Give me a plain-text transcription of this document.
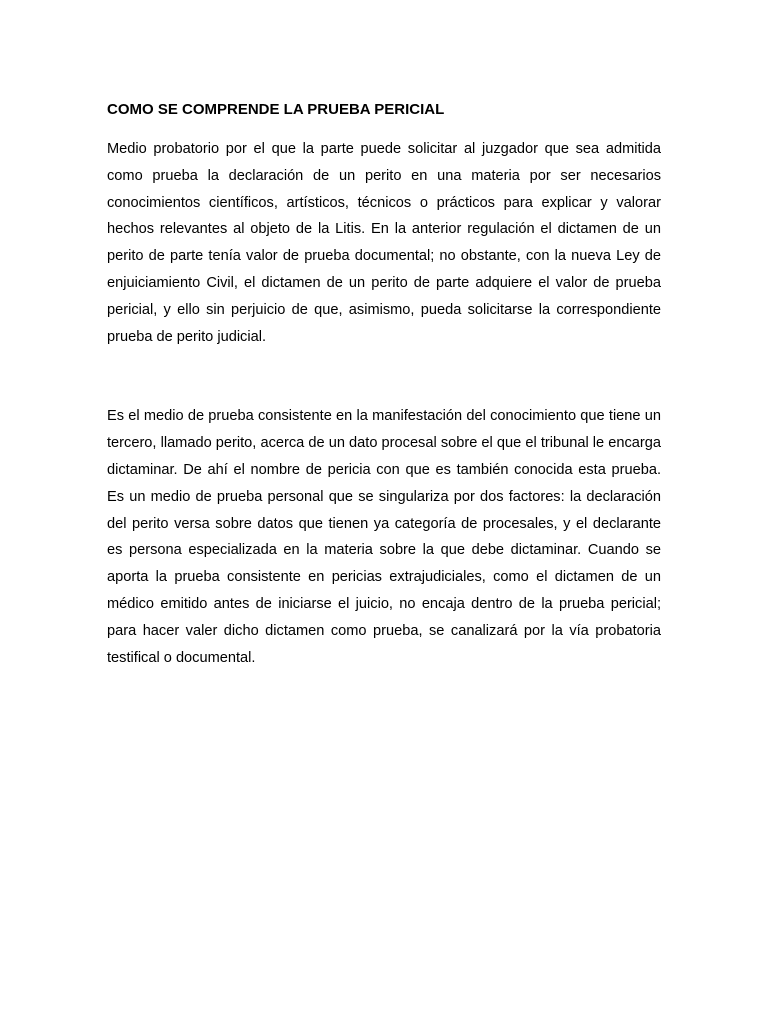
COMO SE COMPRENDE LA PRUEBA PERICIAL

Medio probatorio por el que la parte puede solicitar al juzgador que sea admitida como prueba la declaración de un perito en una materia por ser necesarios conocimientos científicos, artísticos, técnicos o prácticos para explicar y valorar hechos relevantes al objeto de la Litis. En la anterior regulación el dictamen de un perito de parte tenía valor de prueba documental; no obstante, con la nueva Ley de enjuiciamiento Civil, el dictamen de un perito de parte adquiere el valor de prueba pericial, y ello sin perjuicio de que, asimismo, pueda solicitarse la correspondiente prueba de perito judicial.

Es el medio de prueba consistente en la manifestación del conocimiento que tiene un tercero, llamado perito, acerca de un dato procesal sobre el que el tribunal le encarga dictaminar. De ahí el nombre de pericia con que es también conocida esta prueba. Es un medio de prueba personal que se singulariza por dos factores: la declaración del perito versa sobre datos que tienen ya categoría de procesales, y el declarante es persona especializada en la materia sobre la que debe dictaminar. Cuando se aporta la prueba consistente en pericias extrajudiciales, como el dictamen de un médico emitido antes de iniciarse el juicio, no encaja dentro de la prueba pericial; para hacer valer dicho dictamen como prueba, se canalizará por la vía probatoria testifical o documental.
